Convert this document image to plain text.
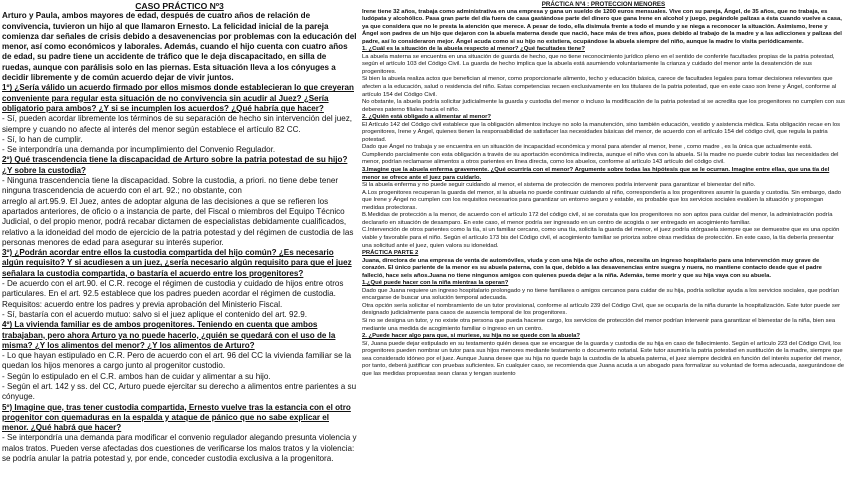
CASO PRÁCTICO Nº3

Arturo y Paula, ambos mayores de edad, después de cuatro años de relación de convivencia, tuvieron un hijo al que llamaron Ernesto. La felicidad inicial de la pareja comienza dar señales de crisis debido a desavenencias por problemas con la educación del menor, así como económicos y laborales. Además, cuando el hijo cuenta con cuatro años de edad, su padre tiene un accidente de tráfico que le deja discapacitado, en silla de ruedas, aunque con parálisis solo en las piernas. Esta situación lleva a los cónyuges a decidir libremente y de común acuerdo dejar de vivir juntos.

1º) ¿Sería válido un acuerdo firmado por ellos mismos donde establecieran lo que creyeran conveniente para regular esta situación de no convivencia sin acudir al Juez? ¿Sería obligatorio para ambos? ¿Y si se incumplen los acuerdos? ¿Qué habría que hacer?

- Sí, pueden acordar libremente los términos de su separación de hecho sin intervención del juez, siempre y cuando no afecte al interés del menor según establece el artículo 82 CC.

- Sí, lo han de cumplir.

- Se interpondría una demanda por incumplimiento del Convenio Regulador.

2º) Qué trascendencia tiene la discapacidad de Arturo sobre la patria potestad de su hijo? ¿Y sobre la custodia?

- Ninguna trascendencia tiene la discapacidad. Sobre la custodia, a priori. no tiene debe tener ninguna trascendencia de acuerdo con el art. 92.; no obstante, con

arreglo al art.95.9. El Juez, antes de adoptar alguna de las decisiones a que se refieren los apartados anteriores, de oficio o a instancia de parte, del Fiscal o miembros del Equipo Técnico Judicial, o del propio menor, podrá recabar dictamen de especialistas debidamente cualificados, relativo a la idoneidad del modo de ejercicio de la patria potestad y del régimen de custodia de las personas menores de edad para asegurar su interés superior.

3º) ¿Podrán acordar entre ellos la custodia compartida del hijo común? ¿Es necesario algún requisito? Y si acudiesen a un juez, ¿sería necesario algún requisito para que el juez señalara la custodia compartida, o bastaría el acuerdo entre los progenitores?

- De acuerdo con el art.90. el C.R. recoge el régimen de custodia y cuidado de hijos entre otros particulares. En el art. 92.5 establece que los padres pueden acordar el régimen de custodia. Requisitos: acuerdo entre los padres y previa aprobación del Ministerio Fiscal.

- Sí, bastaría con el acuerdo mutuo: salvo si el juez aplique el contenido del art. 92.9.

4º) La vivienda familiar es de ambos progenitores. Teniendo en cuenta que ambos trabajaban, pero ahora Arturo ya no puede hacerlo, ¿quién se quedará con el uso de la misma? ¿Y los alimentos del menor? ¿Y los alimentos de Arturo?

- Lo que hayan estipulado en C.R. Pero de acuerdo con el art. 96 del CC la vivienda familiar se la quedan los hijos menores a cargo junto al progenitor custodio.

- Según lo estipulado en el C.R. ambos han de cuidar y alimentar a su hijo.

- Según el art. 142 y ss. del CC, Arturo puede ejercitar su derecho a alimentos entre parientes a su cónyuge.

5º) Imagine que, tras tener custodia compartida, Ernesto vuelve tras la estancia con el otro progenitor con quemaduras en la espalda y ataque de pánico que no sabe explicar el menor. ¿Qué habrá que hacer?

- Se interpondría una demanda para modificar el convenio regulador alegando presunta violencia y malos tratos. Pueden verse afectadas dos cuestiones de verificarse los malos tratos y la violencia: se podría anular la patria potestad y, por ende, conceder custodia exclusiva a la progenitora.

PRÁCTICA Nº4 : PROTECCION MENORES

Irene tiene 32 años, trabaja como administrativa en una empresa y gana un sueldo de 1200 euros mensuales. Vive con su pareja, Ángel, de 35 años, que no trabaja, es ludópata y alcohólico. Pasa gran parte del día fuera de casa gastándose parte del dinero que gana Irene en alcohol y juego, pegándole palizas a ésta cuando vuelve a casa, ya que considera que no le presta la atención que merece. A pesar de todo, ella disimula frente a todo el mundo y se niega a reconocer la situación. Asimismo, Irene y Ángel son padres de un hijo que dejaron con la abuela materna desde que nació, hace más de tres años, pues debido al trabajo de la madre y a las adicciones y palizas del padre, así lo consideraron mejor. Ángel acuda como si su hijo no existiera, ocupándose la abuela siempre del niño, aunque la madre lo visita periódicamente.

1. ¿Cuál es la situación de la abuela respecto al menor? ¿Qué facultades tiene?

La abuela materna se encuentra en una situación de guarda de hecho, que no tiene reconocimiento jurídico pleno en el sentido de conferirle facultades propias de la patria potestad, según el artículo 103 del Código Civil. La guarda de hecho implica que la abuela está asumiendo voluntariamente la crianza y cuidado del menor ante la desatención de sus progenitores.

Si bien la abuela realiza actos que benefician al menor, como proporcionarle alimento, techo y educación básica, carece de facultades legales para tomar decisiones relevantes que afecten a la educación, salud o residencia del niño. Estas competencias recaen exclusivamente en los titulares de la patria potestad, que en este caso son Irene y Ángel, conforme al artículo 154 del Código Civil.

No obstante, la abuela podría solicitar judicialmente la guarda y custodia del menor o incluso la modificación de la patria potestad si se acredita que los progenitores no cumplen con sus deberes paterno filiales hacia el niño.

2. ¿Quién está obligado a alimentar al menor?

El Artículo 142 del Código civil establece que la obligación alimentos incluye no solo la manutención, sino también educación, vestido y asistencia médica. Esta obligación recae en los progenitores, Irene y Ángel, quienes tienen la responsabilidad de satisfacer las necesidades básicas del menor, de acuerdo con el artículo 154 del código civil, que regula la patria potestad.

Dado que Ángel no trabaja y se encuentra en un situación de incapacidad económica y moral para atender al menor, Irene , como madre , es la única que actualmente está. Cumpliendo parcialmente con esta obligación a través de su aportación económica indirecta, aunque el niño viva con la abuela. Si la madre no puede cubrir todas las necesidades del menor, podrían reclamarse alimentos a otros parientes en línea directa, como los abuelos, conforme al artículo 143 artículo del código civil.

3.Imagine que la abuela enferma gravemente. ¿Qué ocurriría con el menor? Argumente sobre todas las hipótesis que se le ocurran. Imagine entre ellas, que una tía del menor se ofrece ante el juez para cuidarlo.

Si la abuela enferma y no puede seguir cuidando al menor, el sistema de protección de menores podría intervenir para garantizar el bienestar del niño.

A.Los progenitores recuperan la guarda del menor, si la abuela no puede continuar cuidando al niño, correspondería a los progenitores asumir la guarda y custodia. Sin embargo, dado que Irene y Ángel no cumplen con los requisitos necesarios para garantizar un entorno seguro y estable, es probable que los servicios sociales evalúen la situación y propongan medidas protectoras.

B.Medidas de protección a la menor, de acuerdo con el artículo 172 del código civil, si se constata que los progenitores no son aptos para cuidar del menor, la administración podría declararlo en situación de desamparo. En este caso, el menor podría ser ingresado en un centro de acogida o ser entregado en acogimiento familiar.

C.Intervención de otros parientes como la tía, si un familiar cercano, como una tía, solicita la guarda del menor, el juez podría otórgasela siempre que se demuestre que es una opción viable y favorable para el niño. Según el artículo 173 bis del Código civil, el acogimiento familiar se prioriza sobre otras medidas de protección. En este caso, la tía debería presentar una solicitud ante el juez, quien valora su idoneidad.

PRÁCTICA PARTE 2

Juana, directora de una empresa de venta de automóviles, viuda y con una hija de ocho años, necesita un ingreso hospitalario para una intervención muy grave de corazón. El único pariente de la menor es su abuela paterna, con la que, debido a las desavenencias entre suegra y nuera, no mantiene contacto desde que el padre falleció, hace seis años.Juana no tiene ningunos amigos con quienes pueda dejar a la niña. Además, teme morir y que su hija vaya con su abuela.

1.¿Qué puede hacer con la niña mientras la operan?

Dado que Juana requiere un ingreso hospitalario prolongado y no tiene familiares o amigos cercanos para cuidar de su hija, podría solicitar ayuda a los servicios sociales, que podrían encargarse de buscar una solución temporal adecuada.

Otra opción sería solicitar el nombramiento de un tutor provisional, conforme al artículo 239 del Código Civil, que se ocuparía de la niña durante la hospitalización. Este tutor puede ser designado judicialmente para casos de ausencia temporal de los progenitores.

Si no se designa un tutor, y no existe otra persona que pueda hacerse cargo, los servicios de protección del menor podrían intervenir para garantizar el bienestar de la niña, bien sea mediante una medida de acogimiento familiar o ingreso en un centro.

2. ¿Puede hacer algo para que, si muriese, su hija no se quede con la abuela?

Sí, Juana puede dejar estipulado en su testamento quién desea que se encargue de la guarda y custodia de su hija en caso de fallecimiento. Según el artículo 223 del Código Civil, los progenitores pueden nombrar un tutor para sus hijos menores mediante testamento o documento notarial. Este tutor asumiría la patria potestad en sustitución de la madre, siempre que sea considerado idóneo por el juez. Aunque Juana desee que su hija no quede bajo la custodia de la abuela paterna, el juez siempre decidirá en función del interés superior del menor, por tanto, deberá justificar con pruebas suficientes. En cualquier caso, se recomienda que Juana acuda a un abogado para formalizar su voluntad de forma adecuada, asegurándose de que las medidas propuestas sean claras y tengan sustento
